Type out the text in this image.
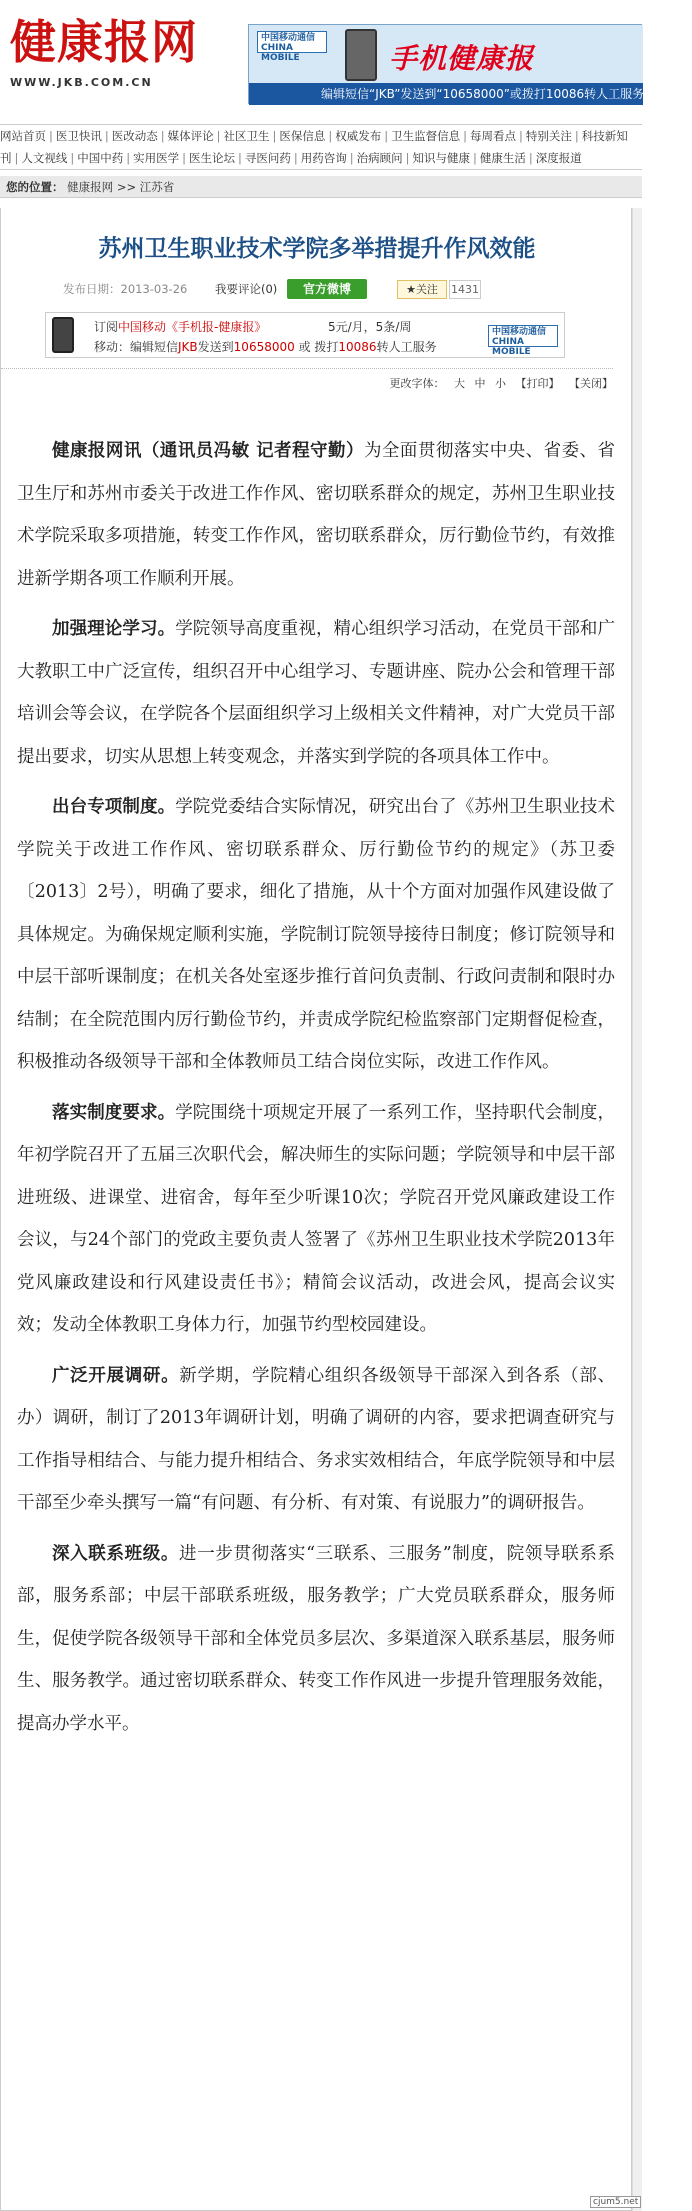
健康报网
WWW.JKB.COM.CN
中国移动通信 CHINA MOBILE	手机健康报
编辑短信“JKB”发送到“10658000”或拨打10086转人工服务即可订阅
网站首页 | 医卫快讯 | 医改动态 | 媒体评论 | 社区卫生 | 医保信息 | 权威发布 | 卫生监督信息 | 每周看点 | 特别关注 | 科技新知
刊 | 人文视线 | 中国中药 | 实用医学 | 医生论坛 | 寻医问药 | 用药咨询 | 治病顾问 | 知识与健康 | 健康生活 | 深度报道
您的位置： 健康报网 >> 江苏省
苏州卫生职业技术学院多举措提升作风效能
发布日期：2013-03-26 我要评论(0)	官方微博	★关注	1431
订阅中国移动《手机报-健康报》	5元/月，5条/周
移动：编辑短信JKB发送到10658000 或 拨打10086转人工服务
中国移动通信 CHINA MOBILE
更改字体： 大 中 小 【打印】 【关闭】

健康报网讯（通讯员冯敏 记者程守勤）为全面贯彻落实中央、省委、省卫生厅和苏州市委关于改进工作作风、密切联系群众的规定，苏州卫生职业技术学院采取多项措施，转变工作作风，密切联系群众，厉行勤俭节约，有效推进新学期各项工作顺利开展。

加强理论学习。学院领导高度重视，精心组织学习活动，在党员干部和广大教职工中广泛宣传，组织召开中心组学习、专题讲座、院办公会和管理干部培训会等会议，在学院各个层面组织学习上级相关文件精神，对广大党员干部提出要求，切实从思想上转变观念，并落实到学院的各项具体工作中。

出台专项制度。学院党委结合实际情况，研究出台了《苏州卫生职业技术学院关于改进工作作风、密切联系群众、厉行勤俭节约的规定》（苏卫委〔2013〕2号），明确了要求，细化了措施，从十个方面对加强作风建设做了具体规定。为确保规定顺利实施，学院制订院领导接待日制度；修订院领导和中层干部听课制度；在机关各处室逐步推行首问负责制、行政问责制和限时办结制；在全院范围内厉行勤俭节约，并责成学院纪检监察部门定期督促检查，积极推动各级领导干部和全体教师员工结合岗位实际，改进工作作风。

落实制度要求。学院围绕十项规定开展了一系列工作，坚持职代会制度，年初学院召开了五届三次职代会，解决师生的实际问题；学院领导和中层干部进班级、进课堂、进宿舍，每年至少听课10次；学院召开党风廉政建设工作会议，与24个部门的党政主要负责人签署了《苏州卫生职业技术学院2013年党风廉政建设和行风建设责任书》；精简会议活动，改进会风，提高会议实效；发动全体教职工身体力行，加强节约型校园建设。

广泛开展调研。新学期，学院精心组织各级领导干部深入到各系（部、办）调研，制订了2013年调研计划，明确了调研的内容，要求把调查研究与工作指导相结合、与能力提升相结合、务求实效相结合，年底学院领导和中层干部至少牵头撰写一篇“有问题、有分析、有对策、有说服力”的调研报告。

深入联系班级。进一步贯彻落实“三联系、三服务”制度，院领导联系系部，服务系部；中层干部联系班级，服务教学；广大党员联系群众，服务师生，促使学院各级领导干部和全体党员多层次、多渠道深入联系基层，服务师生、服务教学。通过密切联系群众、转变工作作风进一步提升管理服务效能，提高办学水平。

cjum5.net
